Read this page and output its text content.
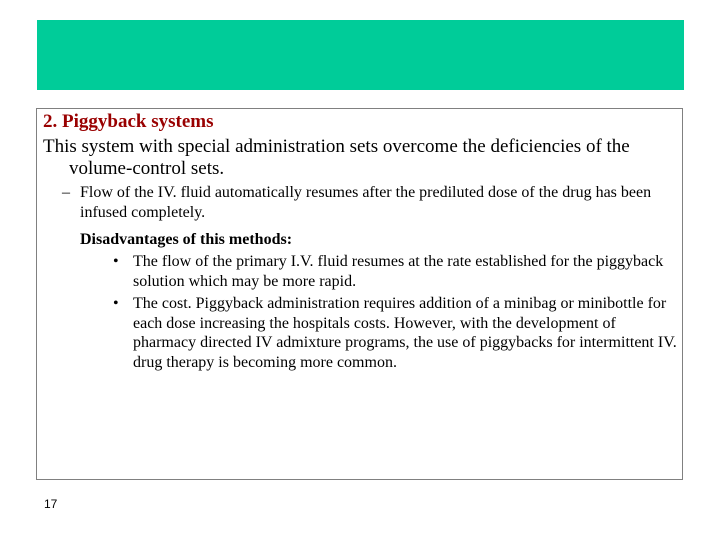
2. Piggyback systems
This system with special administration sets overcome the deficiencies of the volume-control sets.
– Flow of the IV. fluid automatically resumes after the prediluted dose of the drug has been infused completely.
Disadvantages of this methods:
• The flow of the primary I.V. fluid resumes at the rate established for the piggyback solution which may be more rapid.
• The cost. Piggyback administration requires addition of a minibag or minibottle for each dose increasing the hospitals costs. However, with the development of pharmacy directed IV admixture programs, the use of piggybacks for intermittent IV. drug therapy is becoming more common.
17
